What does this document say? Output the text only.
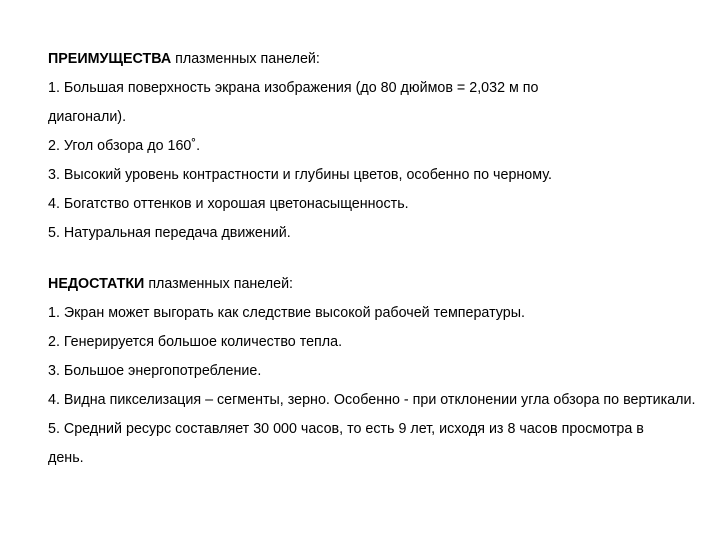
ПРЕИМУЩЕСТВА плазменных панелей:
1. Большая поверхность экрана изображения (до 80 дюймов = 2,032 м по диагонали).
2. Угол обзора до 160˚.
3. Высокий уровень контрастности и глубины цветов, особенно по черному.
4. Богатство оттенков и хорошая цветонасыщенность.
5. Натуральная передача движений.
НЕДОСТАТКИ плазменных панелей:
1. Экран может выгорать как следствие высокой рабочей температуры.
2. Генерируется большое количество тепла.
3. Большое энергопотребление.
4. Видна пикселизация – сегменты, зерно. Особенно - при отклонении угла обзора по вертикали.
5. Средний ресурс составляет 30 000 часов, то есть 9 лет, исходя из 8 часов просмотра в день.
